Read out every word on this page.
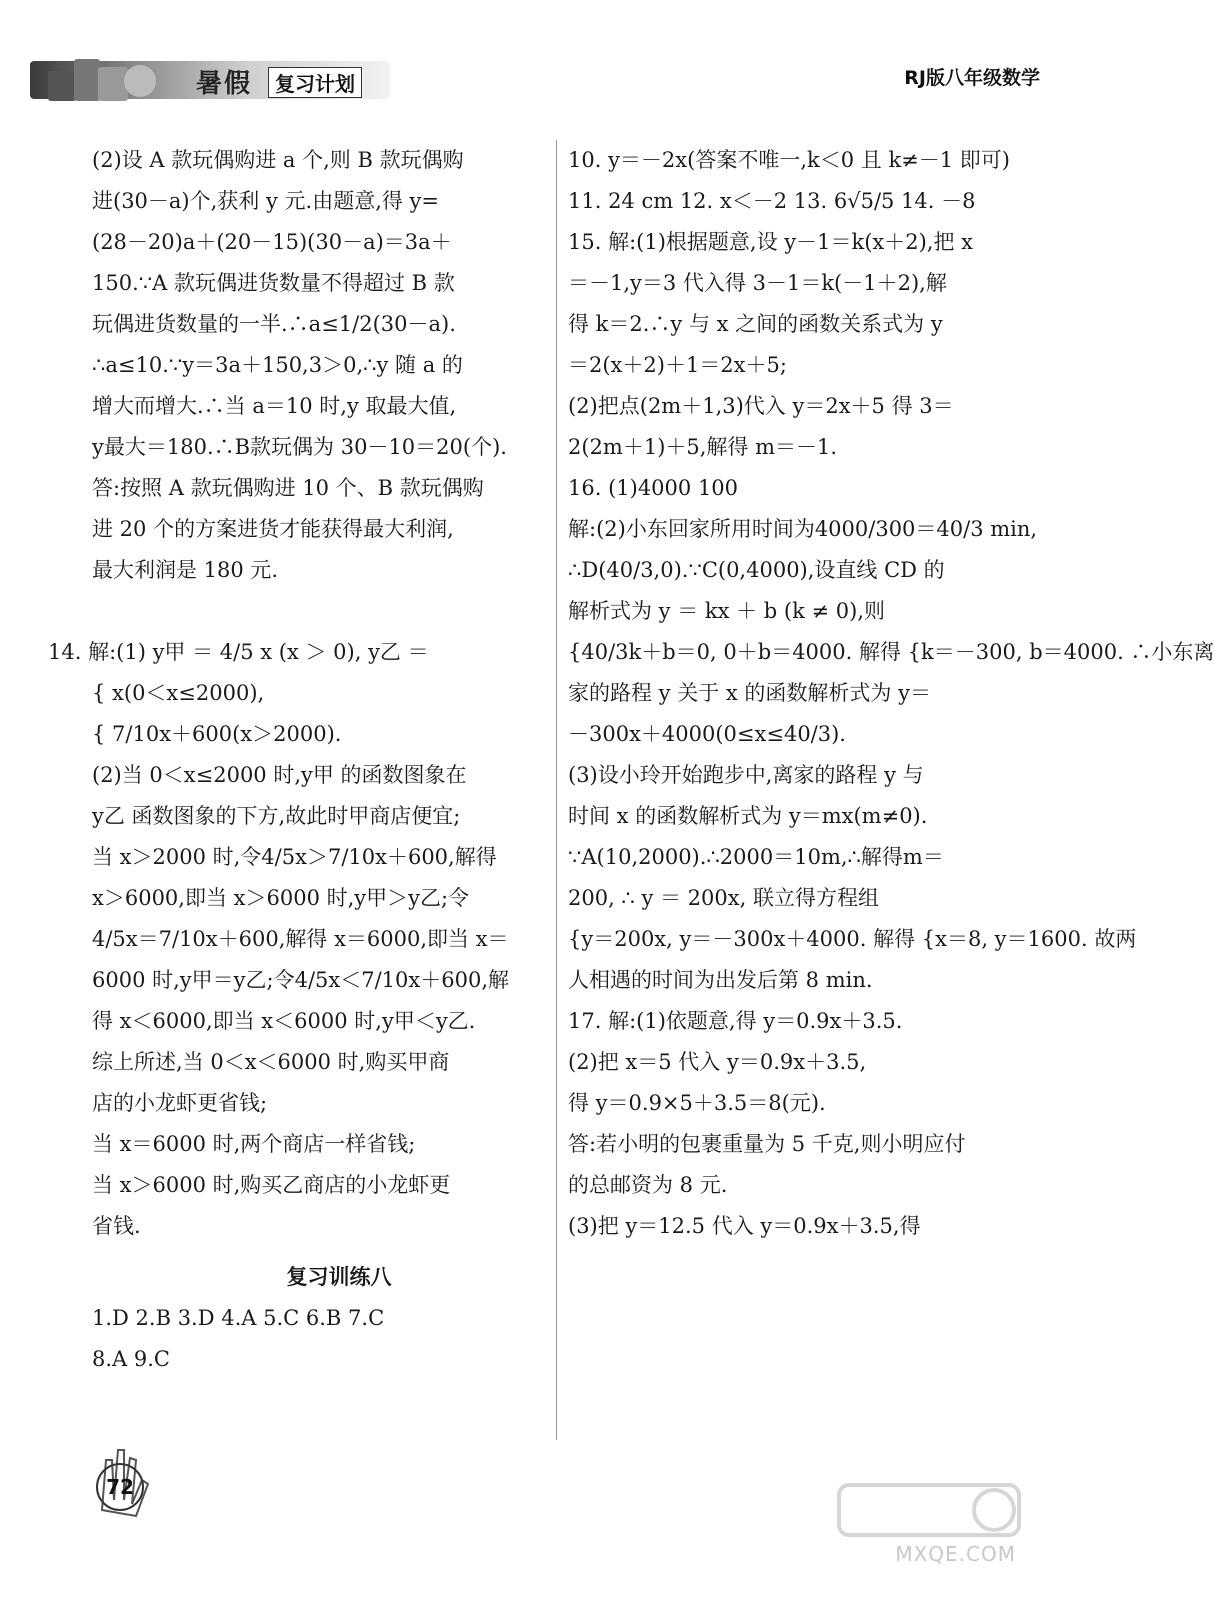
暑假	复习计划	RJ版八年级数学
(2)设 A 款玩偶购进 a 个,则 B 款玩偶购
进(30－a)个,获利 y 元.由题意,得 y=
(28－20)a＋(20－15)(30－a)＝3a＋
150.∵A 款玩偶进货数量不得超过 B 款
玩偶进货数量的一半.∴a≤1/2(30－a).
∴a≤10.∵y＝3a＋150,3＞0,∴y 随 a 的
增大而增大.∴当 a＝10 时,y 取最大值,
y最大＝180.∴B款玩偶为 30－10＝20(个).
答:按照 A 款玩偶购进 10 个、B 款玩偶购
进 20 个的方案进货才能获得最大利润,
最大利润是 180 元.

14. 解:(1) y甲 ＝ 4/5 x (x ＞ 0), y乙 ＝
{ x(0＜x≤2000),
{ 7/10x＋600(x＞2000).
(2)当 0＜x≤2000 时,y甲 的函数图象在
y乙 函数图象的下方,故此时甲商店便宜;
当 x＞2000 时,令4/5x＞7/10x＋600,解得
x＞6000,即当 x＞6000 时,y甲＞y乙;令
4/5x＝7/10x＋600,解得 x＝6000,即当 x＝
6000 时,y甲＝y乙;令4/5x＜7/10x＋600,解
得 x＜6000,即当 x＜6000 时,y甲＜y乙.
综上所述,当 0＜x＜6000 时,购买甲商
店的小龙虾更省钱;
当 x＝6000 时,两个商店一样省钱;
当 x＞6000 时,购买乙商店的小龙虾更
省钱.
复习训练八
1.D 2.B 3.D 4.A 5.C 6.B 7.C
8.A 9.C
10. y＝－2x(答案不唯一,k＜0 且 k≠－1 即可)
11. 24 cm 12. x＜－2 13. 6√5/5 14. －8
15. 解:(1)根据题意,设 y－1＝k(x＋2),把 x
＝－1,y＝3 代入得 3－1＝k(－1＋2),解
得 k＝2.∴y 与 x 之间的函数关系式为 y
＝2(x＋2)＋1＝2x＋5;
(2)把点(2m＋1,3)代入 y＝2x＋5 得 3＝
2(2m＋1)＋5,解得 m＝－1.
16. (1)4000 100
解:(2)小东回家所用时间为4000/300＝40/3 min,
∴D(40/3,0).∵C(0,4000),设直线 CD 的
解析式为 y ＝ kx ＋ b (k ≠ 0),则
{40/3k＋b＝0, 0＋b＝4000. 解得 {k＝－300, b＝4000. ∴小东离
家的路程 y 关于 x 的函数解析式为 y＝
－300x＋4000(0≤x≤40/3).
(3)设小玲开始跑步中,离家的路程 y 与
时间 x 的函数解析式为 y＝mx(m≠0).
∵A(10,2000).∴2000＝10m,∴解得m＝
200, ∴ y ＝ 200x, 联立得方程组
{y＝200x, y＝－300x＋4000. 解得 {x＝8, y＝1600. 故两
人相遇的时间为出发后第 8 min.
17. 解:(1)依题意,得 y＝0.9x＋3.5.
(2)把 x＝5 代入 y＝0.9x＋3.5,
得 y＝0.9×5＋3.5＝8(元).
答:若小明的包裹重量为 5 千克,则小明应付
的总邮资为 8 元.
(3)把 y＝12.5 代入 y＝0.9x＋3.5,得
72
MXQE.COM
